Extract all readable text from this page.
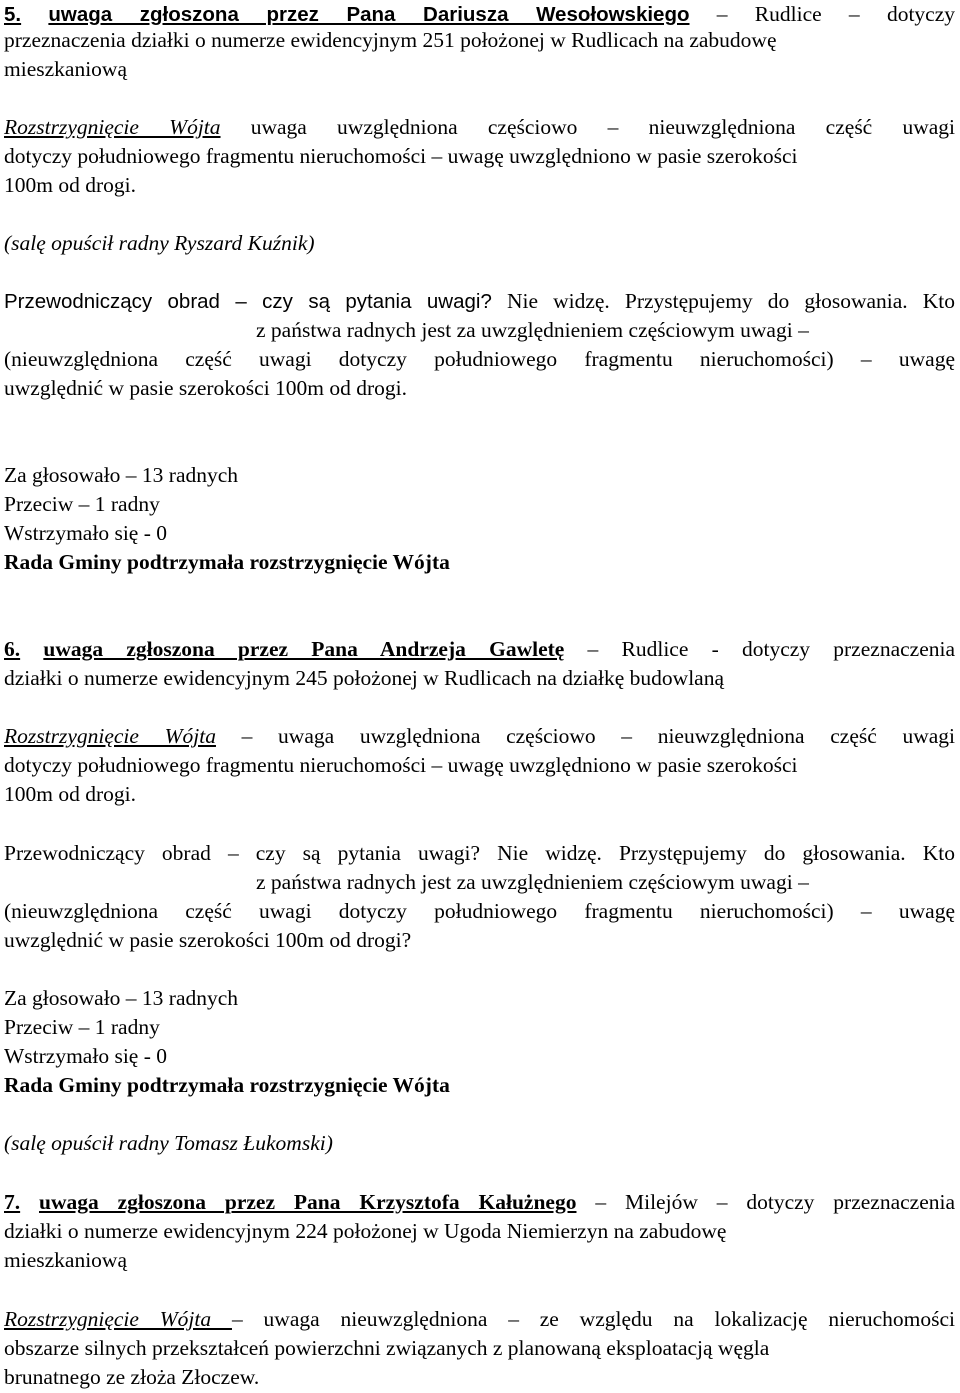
5. uwaga zgłoszona przez Pana Dariusza Wesołowskiego – Rudlice – dotyczy
przeznaczenia działki o numerze ewidencyjnym 251 położonej w Rudlicach na zabudowę
mieszkaniową
Rozstrzygnięcie Wójta uwaga uwzględniona częściowo – nieuwzględniona część uwagi
dotyczy południowego fragmentu nieruchomości – uwagę uwzględniono w pasie szerokości
100m od drogi.
(salę opuścił radny Ryszard Kuźnik)
Przewodniczący obrad – czy są pytania uwagi? Nie widzę. Przystępujemy do głosowania. Kto
z państwa radnych jest za uwzględnieniem częściowym uwagi –
(nieuwzględniona część uwagi dotyczy południowego fragmentu nieruchomości) – uwagę
uwzględnić w pasie szerokości 100m od drogi.
Za głosowało – 13 radnych
Przeciw – 1 radny
Wstrzymało się - 0
Rada Gminy podtrzymała rozstrzygnięcie Wójta
6. uwaga zgłoszona przez Pana Andrzeja Gawletę – Rudlice - dotyczy przeznaczenia
działki o numerze ewidencyjnym 245 położonej w Rudlicach na działkę budowlaną
Rozstrzygnięcie Wójta – uwaga uwzględniona częściowo – nieuwzględniona część uwagi
dotyczy południowego fragmentu nieruchomości – uwagę uwzględniono w pasie szerokości
100m od drogi.
Przewodniczący obrad – czy są pytania uwagi? Nie widzę. Przystępujemy do głosowania. Kto
z państwa radnych jest za uwzględnieniem częściowym uwagi –
(nieuwzględniona część uwagi dotyczy południowego fragmentu nieruchomości) – uwagę
uwzględnić w pasie szerokości 100m od drogi?
Za głosowało – 13 radnych
Przeciw – 1 radny
Wstrzymało się - 0
Rada Gminy podtrzymała rozstrzygnięcie Wójta
(salę opuścił radny Tomasz Łukomski)
7. uwaga zgłoszona przez Pana Krzysztofa Kałużnego – Milejów – dotyczy przeznaczenia
działki o numerze ewidencyjnym 224 położonej w Ugoda Niemierzyn na zabudowę
mieszkaniową
Rozstrzygnięcie Wójta – uwaga nieuwzględniona – ze względu na lokalizację nieruchomości
obszarze silnych przekształceń powierzchni związanych z planowaną eksploatacją węgla
brunatnego ze złoża Złoczew.
